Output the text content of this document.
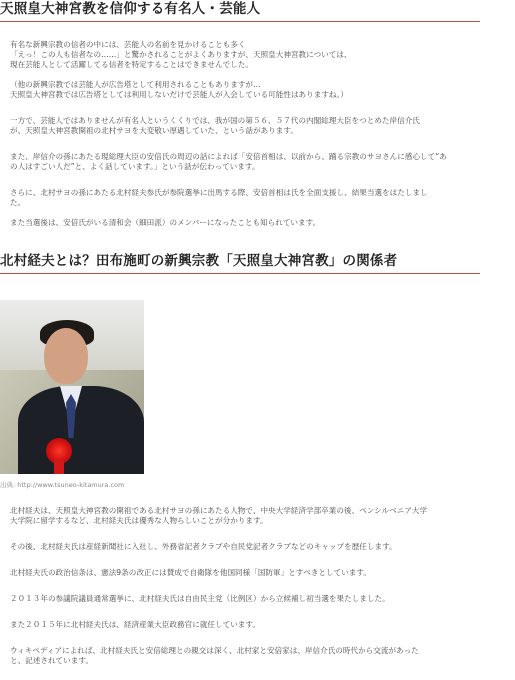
天照皇大神宮教を信仰する有名人・芸能人
有名な新興宗教の信者の中には、芸能人の名前を見かけることも多く
「えっ！この人も信者なの……」と驚かされることがよくありますが、天照皇大神宮教については、
現在芸能人として活躍してる信者を特定することはできませんでした。
（他の新興宗教では芸能人が広告塔として利用されることもありますが…
天照皇大神宮教では広告塔としては利用しないだけで芸能人が入会している可能性はありますね。）
一方で、芸能人ではありませんが有名人というくくりでは、我が国の第５６、５７代の内閣総理大臣をつとめた岸信介氏
が、天照皇大神宮教開祖の北村サヨを大変敬い厚遇していた、という話があります。
また、岸信介の孫にあたる現総理大臣の安倍氏の周辺の話によれば「安倍首相は、以前から、踊る宗教のサヨさんに感心して“あ
の人はすごい人だ”と、よく話しています。」という話が伝わっています。
さらに、北村サヨの孫にあたる北村経夫参氏が参院選挙に出馬する際、安倍首相は氏を全面支援し、結果当選をはたしまし
た。
また当選後は、安倍氏がいる清和会（細田派）のメンバーになったことも知られています。
北村経夫とは？田布施町の新興宗教「天照皇大神宮教」の関係者
出典: http://www.tsuneo-kitamura.com
北村経夫は、天照皇大神宮教の開祖である北村サヨの孫にあたる人物で、中央大学経済学部卒業の後、ペンシルベニア大学
大学院に留学するなど、北村経夫氏は優秀な人物らしいことが分かります。
その後、北村経夫氏は産経新聞社に入社し、外務省記者クラブや自民党記者クラブなどのキャップを歴任します。
北村経夫氏の政治信条は、憲法9条の改正には賛成で自衛隊を他国同様「国防軍」とすべきとしています。
２０１３年の参議院議員通常選挙に、北村経夫氏は自由民主党（比例区）から立候補し初当選を果たしました。
また２０１５年に北村経夫氏は、経済産業大臣政務官に就任しています。
ウィキペディアによれば、北村経夫氏と安倍総理との親交は深く、北村家と安倍家は、岸信介氏の時代から交流があった
と、記述されています。
